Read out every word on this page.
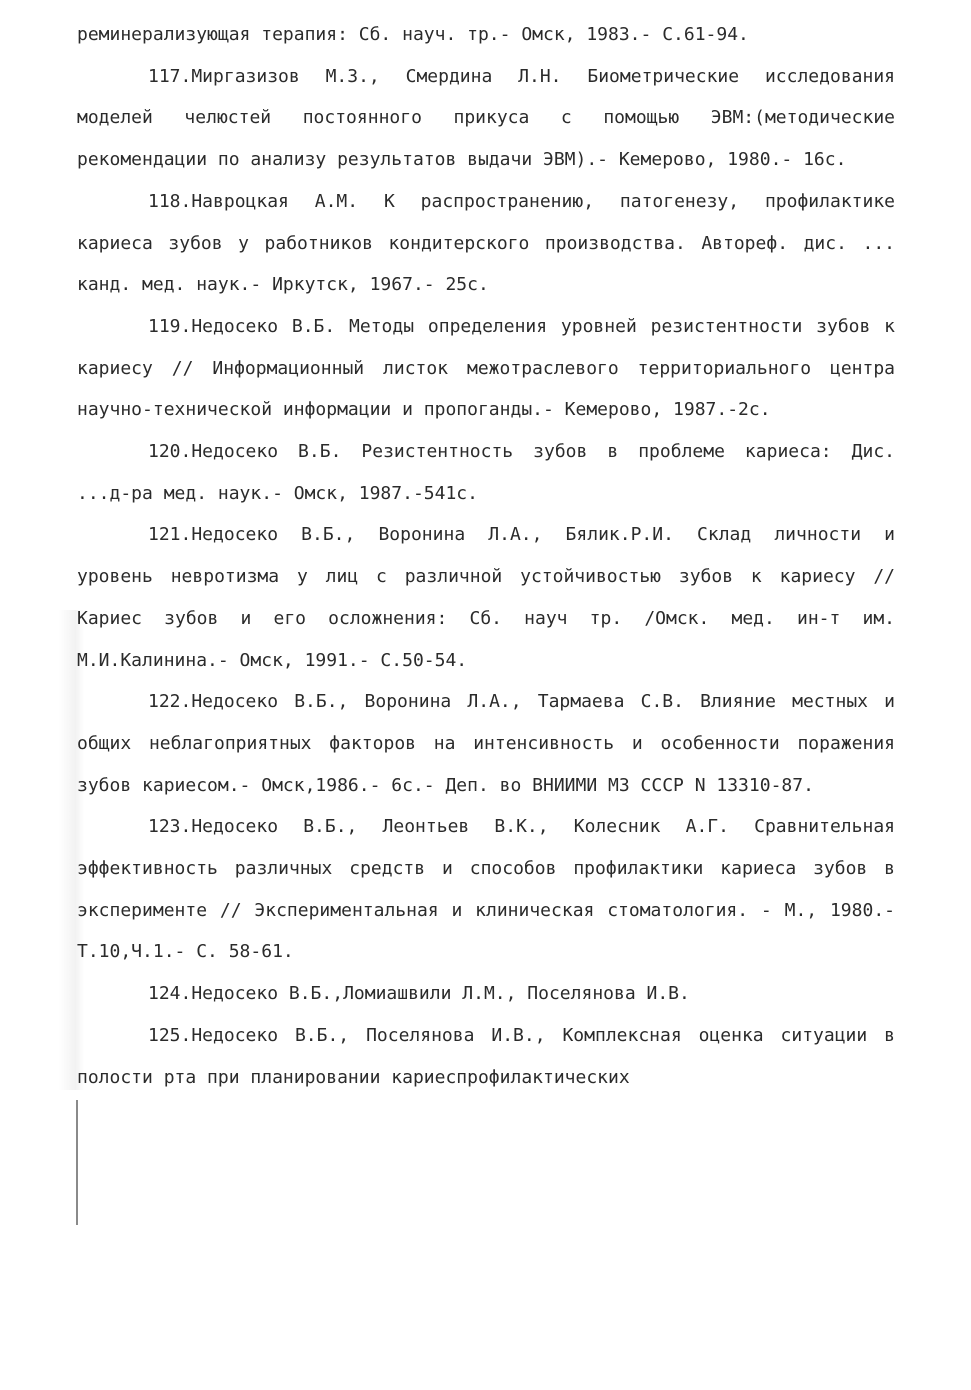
реминерализующая терапия: Сб. науч. тр.- Омск, 1983.- С.61-94.

117.Миргазизов М.З., Смердина Л.Н. Биометрические исследования моделей челюстей постоянного прикуса с помощью ЭВМ:(методические рекомендации по анализу результатов выдачи ЭВМ).- Кемерово, 1980.- 16с.

118.Навроцкая А.М. К распространению, патогенезу, профилактике кариеса зубов у работников кондитерского производства. Автореф. дис. ... канд. мед. наук.- Иркутск, 1967.- 25с.

119.Недосеко В.Б. Методы определения уровней резистентности зубов к кариесу // Информационный листок межотраслевого территориального центра научно-технической информации и пропоганды.- Кемерово, 1987.-2с.

120.Недосеко В.Б. Резистентность зубов в проблеме кариеса: Дис. ...д-ра мед. наук.- Омск, 1987.-541с.

121.Недосеко В.Б., Воронина Л.А., Бялик.Р.И. Склад личности и уровень невротизма у лиц с различной устойчивостью зубов к кариесу // Кариес зубов и его осложнения: Сб. науч тр. /Омск. мед. ин-т им. М.И.Калинина.- Омск, 1991.- С.50-54.

122.Недосеко В.Б., Воронина Л.А., Тармаева С.В. Влияние местных и общих неблагоприятных факторов на интенсивность и особенности поражения зубов кариесом.- Омск,1986.- 6с.- Деп. во ВНИИМИ МЗ СССР N 13310-87.

123.Недосеко В.Б., Леонтьев В.К., Колесник А.Г. Сравнительная эффективность различных средств и способов профилактики кариеса зубов в эксперименте // Экспериментальная и клиническая стоматология. - М., 1980.- Т.10,Ч.1.- С. 58-61.

124.Недосеко В.Б.,Ломиашвили Л.М., Поселянова И.В.

125.Недосеко В.Б., Поселянова И.В., Комплексная оценка ситуации в полости рта при планировании кариеспрофилактических
